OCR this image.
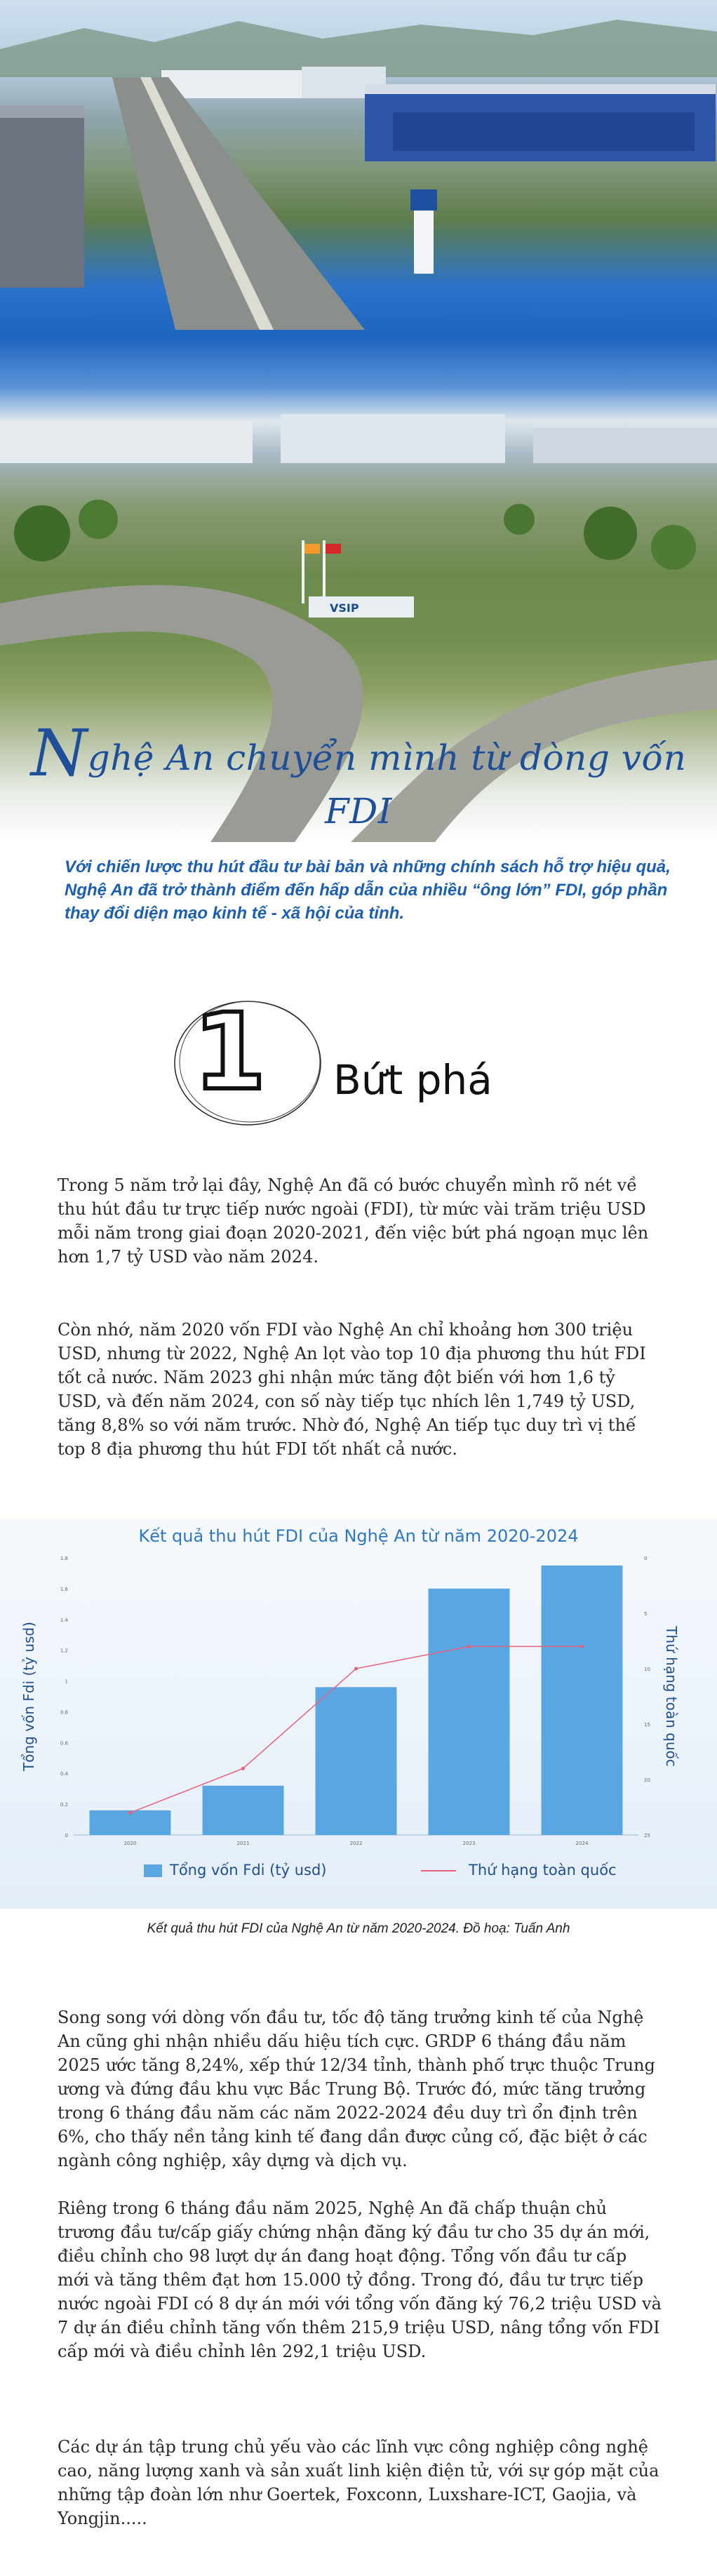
VSIP
Nghệ An chuyển mình từ dòng vốn FDI

Với chiến lược thu hút đầu tư bài bản và những chính sách hỗ trợ hiệu quả, Nghệ An đã trở thành điểm đến hấp dẫn của nhiều “ông lớn” FDI, góp phần thay đổi diện mạo kinh tế - xã hội của tỉnh.

1 Bứt phá

Trong 5 năm trở lại đây, Nghệ An đã có bước chuyển mình rõ nét về thu hút đầu tư trực tiếp nước ngoài (FDI), từ mức vài trăm triệu USD mỗi năm trong giai đoạn 2020-2021, đến việc bứt phá ngoạn mục lên hơn 1,7 tỷ USD vào năm 2024.

Còn nhớ, năm 2020 vốn FDI vào Nghệ An chỉ khoảng hơn 300 triệu USD, nhưng từ 2022, Nghệ An lọt vào top 10 địa phương thu hút FDI tốt cả nước. Năm 2023 ghi nhận mức tăng đột biến với hơn 1,6 tỷ USD, và đến năm 2024, con số này tiếp tục nhích lên 1,749 tỷ USD, tăng 8,8% so với năm trước. Nhờ đó, Nghệ An tiếp tục duy trì vị thế top 8 địa phương thu hút FDI tốt nhất cả nước.

Kết quả thu hút FDI của Nghệ An từ năm 2020-2024
0
0.2
0.4
0.6
0.8
1
1.2
1.4
1.6
1.8	0
5
10
15
20
25
Tổng vốn Fdi (tỷ usd)	Thứ hạng toàn quốc
2020	2021	2022	2023	2024
Tổng vốn Fdi (tỷ usd)	Thứ hạng toàn quốc
Kết quả thu hút FDI của Nghệ An từ năm 2020-2024. Đồ hoạ: Tuấn Anh

Song song với dòng vốn đầu tư, tốc độ tăng trưởng kinh tế của Nghệ An cũng ghi nhận nhiều dấu hiệu tích cực. GRDP 6 tháng đầu năm 2025 ước tăng 8,24%, xếp thứ 12/34 tỉnh, thành phố trực thuộc Trung ương và đứng đầu khu vực Bắc Trung Bộ. Trước đó, mức tăng trưởng trong 6 tháng đầu năm các năm 2022-2024 đều duy trì ổn định trên 6%, cho thấy nền tảng kinh tế đang dần được củng cố, đặc biệt ở các ngành công nghiệp, xây dựng và dịch vụ.

Riêng trong 6 tháng đầu năm 2025, Nghệ An đã chấp thuận chủ trương đầu tư/cấp giấy chứng nhận đăng ký đầu tư cho 35 dự án mới, điều chỉnh cho 98 lượt dự án đang hoạt động. Tổng vốn đầu tư cấp mới và tăng thêm đạt hơn 15.000 tỷ đồng. Trong đó, đầu tư trực tiếp nước ngoài FDI có 8 dự án mới với tổng vốn đăng ký 76,2 triệu USD và 7 dự án điều chỉnh tăng vốn thêm 215,9 triệu USD, nâng tổng vốn FDI cấp mới và điều chỉnh lên 292,1 triệu USD.

Các dự án tập trung chủ yếu vào các lĩnh vực công nghiệp công nghệ cao, năng lượng xanh và sản xuất linh kiện điện tử, với sự góp mặt của những tập đoàn lớn như Goertek, Foxconn, Luxshare-ICT, Gaojia, và Yongjin.....
